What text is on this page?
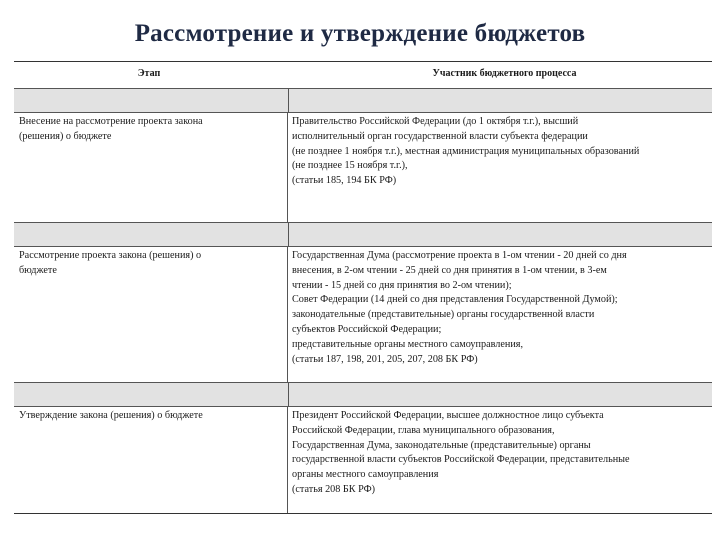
Рассмотрение и утверждение бюджетов
Этап	Участник бюджетного процесса
Внесение на рассмотрение проекта закона
(решения) о бюджете
Правительство Российской Федерации (до 1 октября т.г.), высший
исполнительный орган государственной власти субъекта федерации
(не позднее 1 ноября т.г.), местная администрация муниципальных образований
(не позднее 15 ноября т.г.),
(статьи 185, 194 БК РФ)
Рассмотрение проекта закона (решения) о
бюджете
Государственная Дума (рассмотрение проекта в 1-ом чтении - 20 дней со дня
внесения, в 2-ом чтении - 25 дней со дня принятия в 1-ом чтении, в 3-ем
чтении - 15 дней со дня принятия во 2-ом чтении);
Совет Федерации (14 дней со дня представления Государственной Думой);
законодательные (представительные) органы государственной власти
субъектов Российской Федерации;
представительные органы местного самоуправления,
(статьи 187, 198, 201, 205, 207, 208 БК РФ)
Утверждение закона (решения) о бюджете	Президент Российской Федерации, высшее должностное лицо субъекта
Российской Федерации, глава муниципального образования,
Государственная Дума, законодательные (представительные) органы
государственной власти субъектов Российской Федерации, представительные
органы местного самоуправления
(статья 208 БК РФ)
